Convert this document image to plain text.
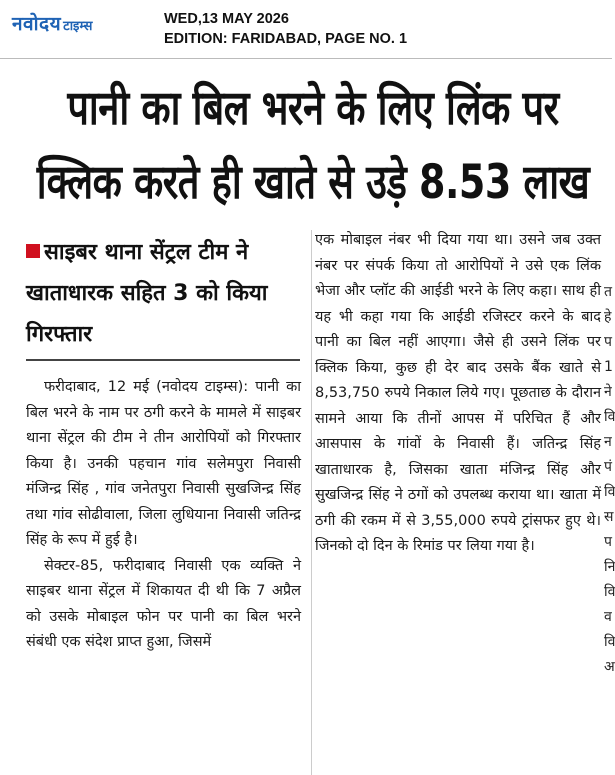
नवोदय टाइम्स	WED,13 MAY 2026
EDITION: FARIDABAD, PAGE NO. 1
पानी का बिल भरने के लिए लिंक पर
क्लिक करते ही खाते से उड़े 8.53 लाख
साइबर थाना सेंट्रल टीम ने खाताधारक सहित 3 को किया गिरफ्तार

फरीदाबाद, 12 मई (नवोदय टाइम्स): पानी का बिल भरने के नाम पर ठगी करने के मामले में साइबर थाना सेंट्रल की टीम ने तीन आरोपियों को गिरफ्तार किया है। उनकी पहचान गांव सलेमपुरा निवासी मंजिन्द्र सिंह , गांव जनेतपुरा निवासी सुखजिन्द्र सिंह तथा गांव सोढीवाला, जिला लुधियाना निवासी जतिन्द्र सिंह के रूप में हुई है।

सेक्टर-85, फरीदाबाद निवासी एक व्यक्ति ने साइबर थाना सेंट्रल में शिकायत दी थी कि 7 अप्रैल को उसके मोबाइल फोन पर पानी का बिल भरने संबंधी एक संदेश प्राप्त हुआ, जिसमें

एक मोबाइल नंबर भी दिया गया था। उसने जब उक्त नंबर पर संपर्क किया तो आरोपियों ने उसे एक लिंक भेजा और प्लॉट की आईडी भरने के लिए कहा। साथ ही यह भी कहा गया कि आईडी रजिस्टर करने के बाद पानी का बिल नहीं आएगा। जैसे ही उसने लिंक पर क्लिक किया, कुछ ही देर बाद उसके बैंक खाते से 8,53,750 रुपये निकाल लिये गए। पूछताछ के दौरान सामने आया कि तीनों आपस में परिचित हैं और आसपास के गांवों के निवासी हैं। जतिन्द्र सिंह खाताधारक है, जिसका खाता मंजिन्द्र सिंह और सुखजिन्द्र सिंह ने ठगों को उपलब्ध कराया था। खाता में ठगी की रकम में से 3,55,000 रुपये ट्रांसफर हुए थे। जिनको दो दिन के रिमांड पर लिया गया है।

त
हे
प
1
ने
वि
न
पं
वि
स
प
नि
वि
व
वि
अ
